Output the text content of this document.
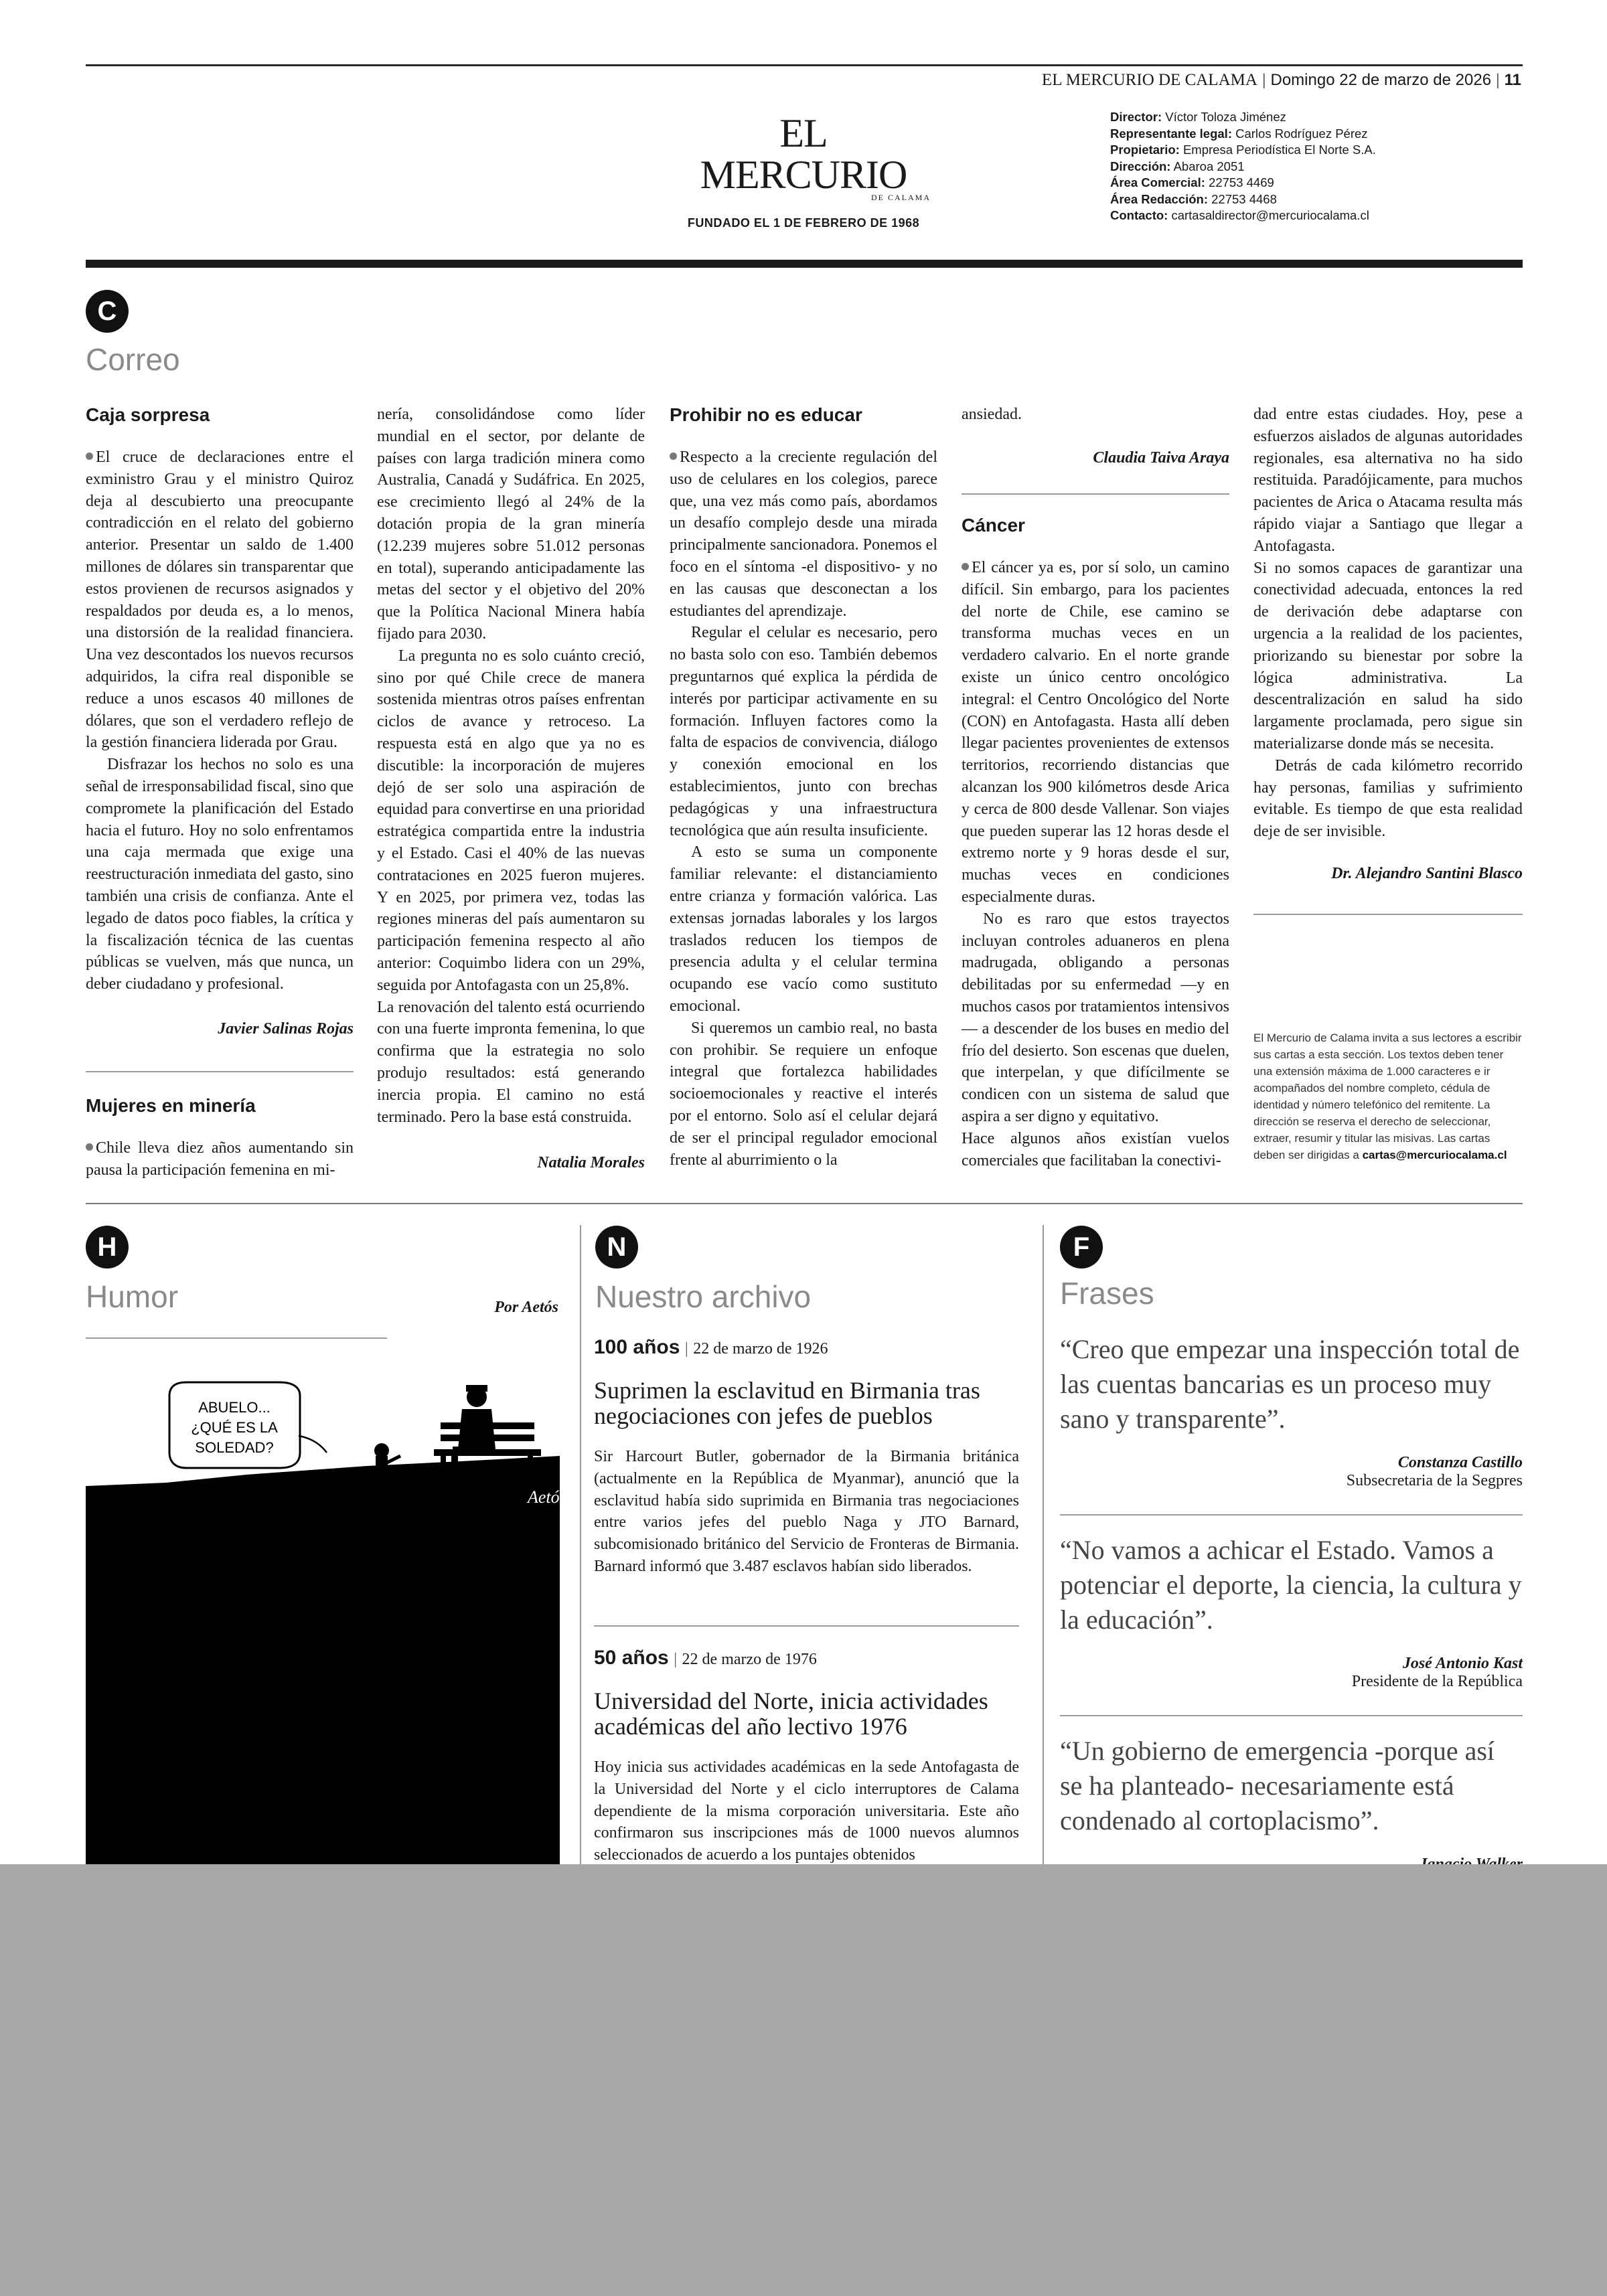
EL MERCURIO DE CALAMA | Domingo 22 de marzo de 2026 | 11
EL MERCURIO
DE CALAMA
FUNDADO EL 1 DE FEBRERO DE 1968
Director: Víctor Toloza Jiménez
Representante legal: Carlos Rodríguez Pérez
Propietario: Empresa Periodística El Norte S.A.
Dirección: Abaroa 2051
Área Comercial: 22753 4469
Área Redacción: 22753 4468
Contacto: cartasaldirector@mercuriocalama.cl
C
Correo
Caja sorpresa

El cruce de declaraciones entre el exministro Grau y el ministro Quiroz deja al descubierto una preocupante contradicción en el relato del gobierno anterior. Presentar un saldo de 1.400 millones de dólares sin transparentar que estos provienen de recursos asignados y respaldados por deuda es, a lo menos, una distorsión de la realidad financiera. Una vez descontados los nuevos recursos adquiridos, la cifra real disponible se reduce a unos escasos 40 millones de dólares, que son el verdadero reflejo de la gestión financiera liderada por Grau.

Disfrazar los hechos no solo es una señal de irresponsabilidad fiscal, sino que compromete la planificación del Estado hacia el futuro. Hoy no solo enfrentamos una caja mermada que exige una reestructuración inmediata del gasto, sino también una crisis de confianza. Ante el legado de datos poco fiables, la crítica y la fiscalización técnica de las cuentas públicas se vuelven, más que nunca, un deber ciudadano y profesional.

Javier Salinas Rojas
Mujeres en minería

Chile lleva diez años aumentando sin pausa la participación femenina en mi-

nería, consolidándose como líder mundial en el sector, por delante de países con larga tradición minera como Australia, Canadá y Sudáfrica. En 2025, ese crecimiento llegó al 24% de la dotación propia de la gran minería (12.239 mujeres sobre 51.012 personas en total), superando anticipadamente las metas del sector y el objetivo del 20% que la Política Nacional Minera había fijado para 2030.

La pregunta no es solo cuánto creció, sino por qué Chile crece de manera sostenida mientras otros países enfrentan ciclos de avance y retroceso. La respuesta está en algo que ya no es discutible: la incorporación de mujeres dejó de ser solo una aspiración de equidad para convertirse en una prioridad estratégica compartida entre la industria y el Estado. Casi el 40% de las nuevas contrataciones en 2025 fueron mujeres. Y en 2025, por primera vez, todas las regiones mineras del país aumentaron su participación femenina respecto al año anterior: Coquimbo lidera con un 29%, seguida por Antofagasta con un 25,8%.

La renovación del talento está ocurriendo con una fuerte impronta femenina, lo que confirma que la estrategia no solo produjo resultados: está generando inercia propia. El camino no está terminado. Pero la base está construida.

Natalia Morales
Prohibir no es educar

Respecto a la creciente regulación del uso de celulares en los colegios, parece que, una vez más como país, abordamos un desafío complejo desde una mirada principalmente sancionadora. Ponemos el foco en el síntoma -el dispositivo- y no en las causas que desconectan a los estudiantes del aprendizaje.

Regular el celular es necesario, pero no basta solo con eso. También debemos preguntarnos qué explica la pérdida de interés por participar activamente en su formación. Influyen factores como la falta de espacios de convivencia, diálogo y conexión emocional en los establecimientos, junto con brechas pedagógicas y una infraestructura tecnológica que aún resulta insuficiente.

A esto se suma un componente familiar relevante: el distanciamiento entre crianza y formación valórica. Las extensas jornadas laborales y los largos traslados reducen los tiempos de presencia adulta y el celular termina ocupando ese vacío como sustituto emocional.

Si queremos un cambio real, no basta con prohibir. Se requiere un enfoque integral que fortalezca habilidades socioemocionales y reactive el interés por el entorno. Solo así el celular dejará de ser el principal regulador emocional frente al aburrimiento o la

ansiedad.

Claudia Taiva Araya
Cáncer

El cáncer ya es, por sí solo, un camino difícil. Sin embargo, para los pacientes del norte de Chile, ese camino se transforma muchas veces en un verdadero calvario. En el norte grande existe un único centro oncológico integral: el Centro Oncológico del Norte (CON) en Antofagasta. Hasta allí deben llegar pacientes provenientes de extensos territorios, recorriendo distancias que alcanzan los 900 kilómetros desde Arica y cerca de 800 desde Vallenar. Son viajes que pueden superar las 12 horas desde el extremo norte y 9 horas desde el sur, muchas veces en condiciones especialmente duras.

No es raro que estos trayectos incluyan controles aduaneros en plena madrugada, obligando a personas debilitadas por su enfermedad —y en muchos casos por tratamientos intensivos— a descender de los buses en medio del frío del desierto. Son escenas que duelen, que interpelan, y que difícilmente se condicen con un sistema de salud que aspira a ser digno y equitativo.

Hace algunos años existían vuelos comerciales que facilitaban la conectivi-

dad entre estas ciudades. Hoy, pese a esfuerzos aislados de algunas autoridades regionales, esa alternativa no ha sido restituida. Paradójicamente, para muchos pacientes de Arica o Atacama resulta más rápido viajar a Santiago que llegar a Antofagasta.

Si no somos capaces de garantizar una conectividad adecuada, entonces la red de derivación debe adaptarse con urgencia a la realidad de los pacientes, priorizando su bienestar por sobre la lógica administrativa. La descentralización en salud ha sido largamente proclamada, pero sigue sin materializarse donde más se necesita.

Detrás de cada kilómetro recorrido hay personas, familias y sufrimiento evitable. Es tiempo de que esta realidad deje de ser invisible.

Dr. Alejandro Santini Blasco
El Mercurio de Calama invita a sus lectores a escribir sus cartas a esta sección. Los textos deben tener una extensión máxima de 1.000 caracteres e ir acompañados del nombre completo, cédula de identidad y número telefónico del remitente. La dirección se reserva el derecho de seleccionar, extraer, resumir y titular las misivas. Las cartas deben ser dirigidas a cartas@mercuriocalama.cl
H
Humor	Por Aetós
ABUELO...
¿QUÉ ES LA
SOLEDAD?
Aetós
N
Nuestro archivo
100 años | 22 de marzo de 1926
Suprimen la esclavitud en Birmania tras negociaciones con jefes de pueblos
Sir Harcourt Butler, gobernador de la Birmania británica (actualmente en la República de Myanmar), anunció que la esclavitud había sido suprimida en Birmania tras negociaciones entre varios jefes del pueblo Naga y JTO Barnard, subcomisionado británico del Servicio de Fronteras de Birmania. Barnard informó que 3.487 esclavos habían sido liberados.
50 años | 22 de marzo de 1976
Universidad del Norte, inicia actividades académicas del año lectivo 1976
Hoy inicia sus actividades académicas en la sede Antofagasta de la Universidad del Norte y el ciclo interruptores de Calama dependiente de la misma corporación universitaria. Este año confirmaron sus inscripciones más de 1000 nuevos alumnos seleccionados de acuerdo a los puntajes obtenidos
F
Frases
“Creo que empezar una inspección total de las cuentas bancarias es un proceso muy sano y transparente”.
Constanza Castillo
Subsecretaria de la Segpres
“No vamos a achicar el Estado. Vamos a potenciar el deporte, la ciencia, la cultura y la educación”.
José Antonio Kast
Presidente de la República
“Un gobierno de emergencia -porque así se ha planteado- necesariamente está condenado al cortoplacismo”.
